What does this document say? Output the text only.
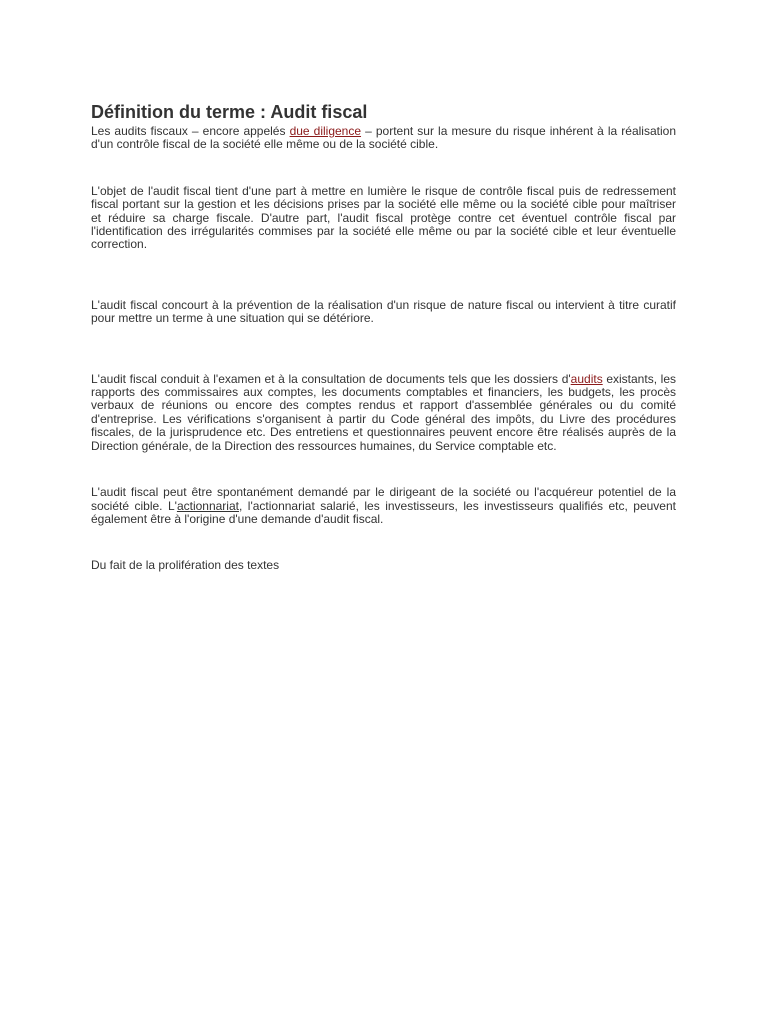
Définition du terme : Audit fiscal

Les audits fiscaux – encore appelés due diligence – portent sur la mesure du risque inhérent à la réalisation d'un contrôle fiscal de la société elle même ou de la société cible.

L'objet de l'audit fiscal tient d'une part à mettre en lumière le risque de contrôle fiscal puis de redressement fiscal portant sur la gestion et les décisions prises par la société elle même ou la société cible pour maîtriser et réduire sa charge fiscale. D'autre part, l'audit fiscal protège contre cet éventuel contrôle fiscal par l'identification des irrégularités commises par la société elle même ou par la société cible et leur éventuelle correction.

L'audit fiscal concourt à la prévention de la réalisation d'un risque de nature fiscal ou intervient à titre curatif pour mettre un terme à une situation qui se détériore.

L'audit fiscal conduit à l'examen et à la consultation de documents tels que les dossiers d'audits existants, les rapports des commissaires aux comptes, les documents comptables et financiers, les budgets, les procès verbaux de réunions ou encore des comptes rendus et rapport d'assemblée générales ou du comité d'entreprise. Les vérifications s'organisent à partir du Code général des impôts, du Livre des procédures fiscales, de la jurisprudence etc. Des entretiens et questionnaires peuvent encore être réalisés auprès de la Direction générale, de la Direction des ressources humaines, du Service comptable etc.

L'audit fiscal peut être spontanément demandé par le dirigeant de la société ou l'acquéreur potentiel de la société cible. L'actionnariat, l'actionnariat salarié, les investisseurs, les investisseurs qualifiés etc, peuvent également être à l'origine d'une demande d'audit fiscal.

Du fait de la prolifération des textes
